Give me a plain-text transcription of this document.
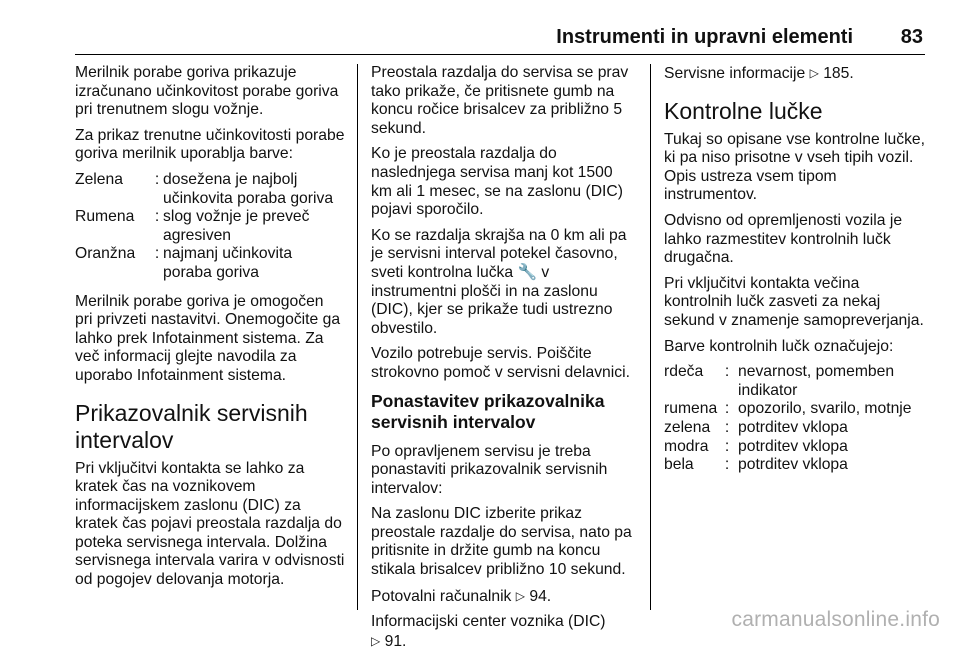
Instrumenti in upravni elementi 83

Merilnik porabe goriva prikazuje izračunano učinkovitost porabe goriva pri trenutnem slogu vožnje.

Za prikaz trenutne učinkovitosti porabe goriva merilnik uporablja barve:

Zelena	: dosežena je najbolj učinkovita poraba goriva
Rumena	: slog vožnje je preveč agresiven
Oranžna	: najmanj učinkovita poraba goriva

Merilnik porabe goriva je omogočen pri privzeti nastavitvi. Onemogočite ga lahko prek Infotainment sistema. Za več informacij glejte navodila za uporabo Infotainment sistema.

Prikazovalnik servisnih intervalov

Pri vključitvi kontakta se lahko za kratek čas na voznikovem informacijskem zaslonu (DIC) za kratek čas pojavi preostala razdalja do poteka servisnega intervala. Dolžina servisnega intervala varira v odvisnosti od pogojev delovanja motorja.

Preostala razdalja do servisa se prav tako prikaže, če pritisnete gumb na koncu ročice brisalcev za približno 5 sekund.

Ko je preostala razdalja do naslednjega servisa manj kot 1500 km ali 1 mesec, se na zaslonu (DIC) pojavi sporočilo.

Ko se razdalja skrajša na 0 km ali pa je servisni interval potekel časovno, sveti kontrolna lučka 🔧 v instrumentni plošči in na zaslonu (DIC), kjer se prikaže tudi ustrezno obvestilo.

Vozilo potrebuje servis. Poiščite strokovno pomoč v servisni delavnici.

Ponastavitev prikazovalnika servisnih intervalov

Po opravljenem servisu je treba ponastaviti prikazovalnik servisnih intervalov:

Na zaslonu DIC izberite prikaz preostale razdalje do servisa, nato pa pritisnite in držite gumb na koncu stikala brisalcev približno 10 sekund.

Potovalni računalnik ▷ 94.

Informacijski center voznika (DIC)
▷ 91.

Servisne informacije ▷ 185.

Kontrolne lučke

Tukaj so opisane vse kontrolne lučke, ki pa niso prisotne v vseh tipih vozil. Opis ustreza vsem tipom instrumentov.

Odvisno od opremljenosti vozila je lahko razmestitev kontrolnih lučk drugačna.

Pri vključitvi kontakta večina kontrolnih lučk zasveti za nekaj sekund v znamenje samopreverjanja.

Barve kontrolnih lučk označujejo:

rdeča	: nevarnost, pomemben indikator
rumena : opozorilo, svarilo, motnje
zelena : potrditev vklopa
modra	: potrditev vklopa
bela	: potrditev vklopa
carmanualsonline.info
